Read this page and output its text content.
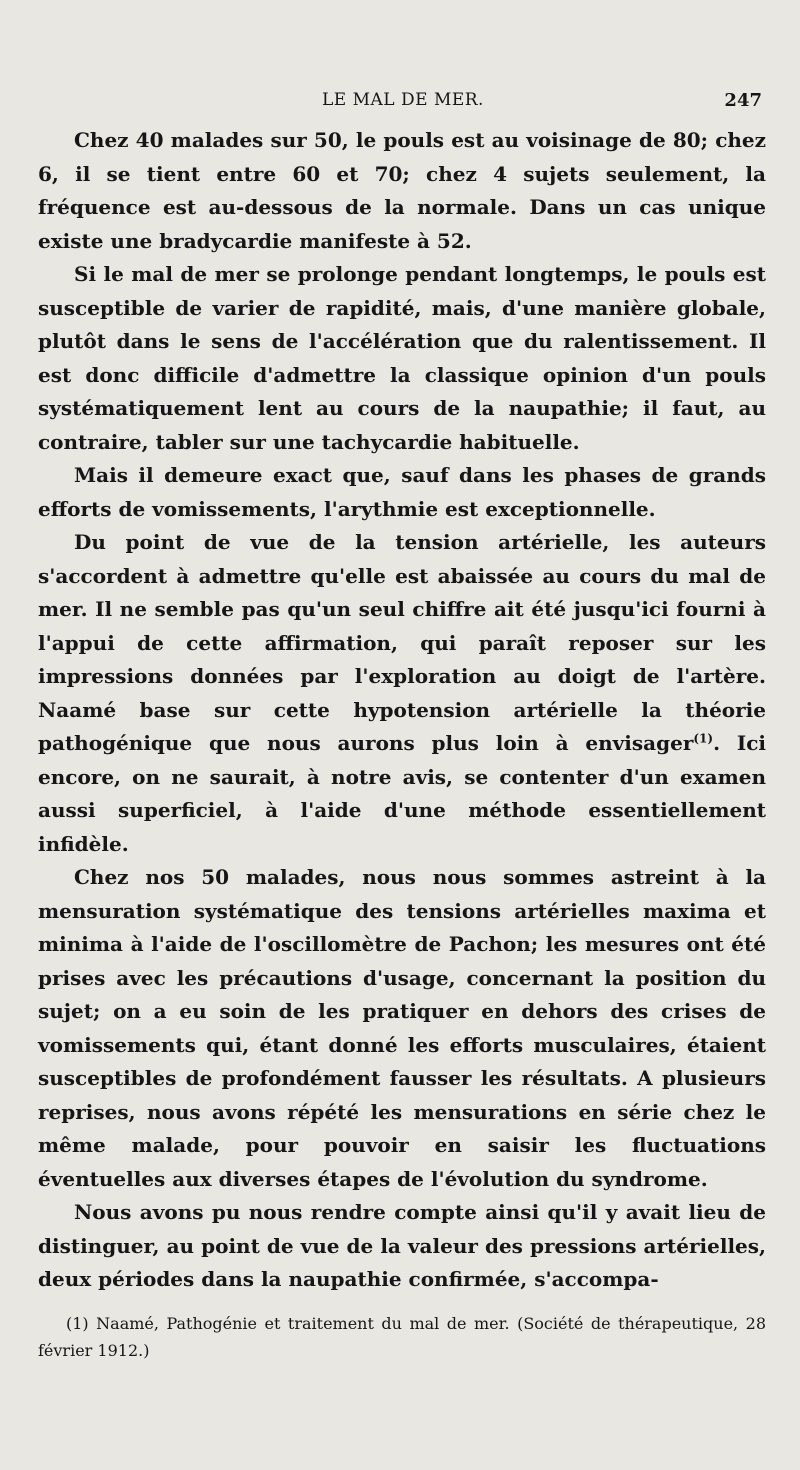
LE MAL DE MER.	247

Chez 40 malades sur 50, le pouls est au voisinage de 80; chez 6, il se tient entre 60 et 70; chez 4 sujets seulement, la fréquence est au-dessous de la normale. Dans un cas unique existe une bradycardie manifeste à 52.

Si le mal de mer se prolonge pendant longtemps, le pouls est susceptible de varier de rapidité, mais, d'une manière globale, plutôt dans le sens de l'accélération que du ralentissement. Il est donc difficile d'admettre la classique opinion d'un pouls systématiquement lent au cours de la naupathie; il faut, au contraire, tabler sur une tachycardie habituelle.

Mais il demeure exact que, sauf dans les phases de grands efforts de vomissements, l'arythmie est exceptionnelle.

Du point de vue de la tension artérielle, les auteurs s'accordent à admettre qu'elle est abaissée au cours du mal de mer. Il ne semble pas qu'un seul chiffre ait été jusqu'ici fourni à l'appui de cette affirmation, qui paraît reposer sur les impressions données par l'exploration au doigt de l'artère. Naamé base sur cette hypotension artérielle la théorie pathogénique que nous aurons plus loin à envisager$^{(1)}$. Ici encore, on ne saurait, à notre avis, se contenter d'un examen aussi superficiel, à l'aide d'une méthode essentiellement infidèle.

Chez nos 50 malades, nous nous sommes astreint à la mensuration systématique des tensions artérielles maxima et minima à l'aide de l'oscillomètre de Pachon; les mesures ont été prises avec les précautions d'usage, concernant la position du sujet; on a eu soin de les pratiquer en dehors des crises de vomissements qui, étant donné les efforts musculaires, étaient susceptibles de profondément fausser les résultats. A plusieurs reprises, nous avons répété les mensurations en série chez le même malade, pour pouvoir en saisir les fluctuations éventuelles aux diverses étapes de l'évolution du syndrome.

Nous avons pu nous rendre compte ainsi qu'il y avait lieu de distinguer, au point de vue de la valeur des pressions artérielles, deux périodes dans la naupathie confirmée, s'accompa-

(1) Naamé, Pathogénie et traitement du mal de mer. (Société de thérapeutique, 28 février 1912.)
